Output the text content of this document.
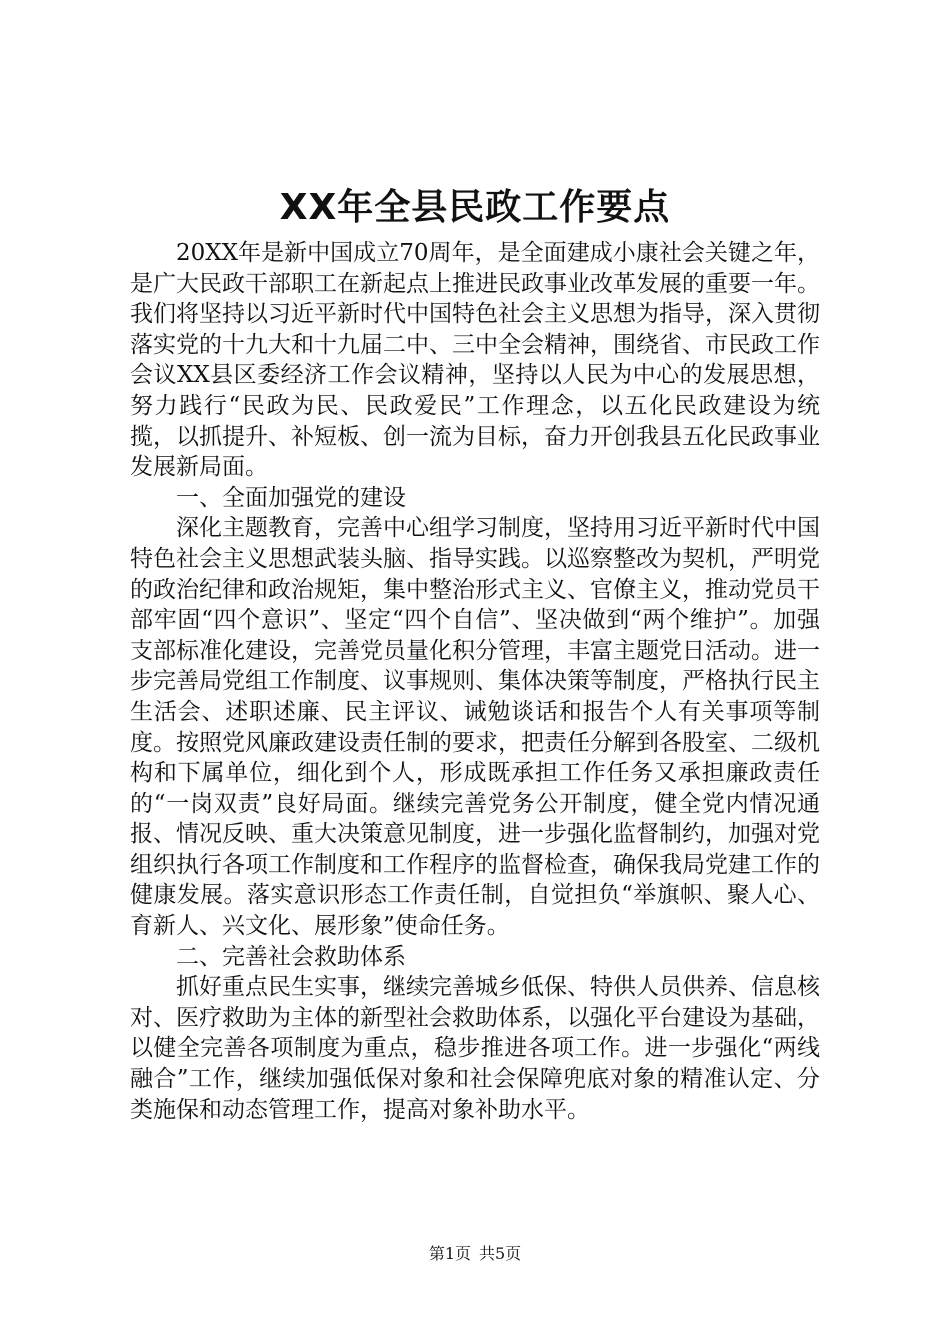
XX年全县民政工作要点

20XX年是新中国成立70周年，是全面建成小康社会关键之年，是广大民政干部职工在新起点上推进民政事业改革发展的重要一年。我们将坚持以习近平新时代中国特色社会主义思想为指导，深入贯彻落实党的十九大和十九届二中、三中全会精神，围绕省、市民政工作会议XX县区委经济工作会议精神，坚持以人民为中心的发展思想，努力践行“民政为民、民政爱民”工作理念，以五化民政建设为统揽，以抓提升、补短板、创一流为目标，奋力开创我县五化民政事业发展新局面。

一、全面加强党的建设

深化主题教育，完善中心组学习制度，坚持用习近平新时代中国特色社会主义思想武装头脑、指导实践。以巡察整改为契机，严明党的政治纪律和政治规矩，集中整治形式主义、官僚主义，推动党员干部牢固“四个意识”、坚定“四个自信”、坚决做到“两个维护”。加强支部标准化建设，完善党员量化积分管理，丰富主题党日活动。进一步完善局党组工作制度、议事规则、集体决策等制度，严格执行民主生活会、述职述廉、民主评议、诫勉谈话和报告个人有关事项等制度。按照党风廉政建设责任制的要求，把责任分解到各股室、二级机构和下属单位，细化到个人，形成既承担工作任务又承担廉政责任的“一岗双责”良好局面。继续完善党务公开制度，健全党内情况通报、情况反映、重大决策意见制度，进一步强化监督制约，加强对党组织执行各项工作制度和工作程序的监督检查，确保我局党建工作的健康发展。落实意识形态工作责任制，自觉担负“举旗帜、聚人心、育新人、兴文化、展形象”使命任务。

二、完善社会救助体系

抓好重点民生实事，继续完善城乡低保、特供人员供养、信息核对、医疗救助为主体的新型社会救助体系，以强化平台建设为基础，以健全完善各项制度为重点，稳步推进各项工作。进一步强化“两线融合”工作，继续加强低保对象和社会保障兜底对象的精准认定、分类施保和动态管理工作，提高对象补助水平。

第1页 共5页
